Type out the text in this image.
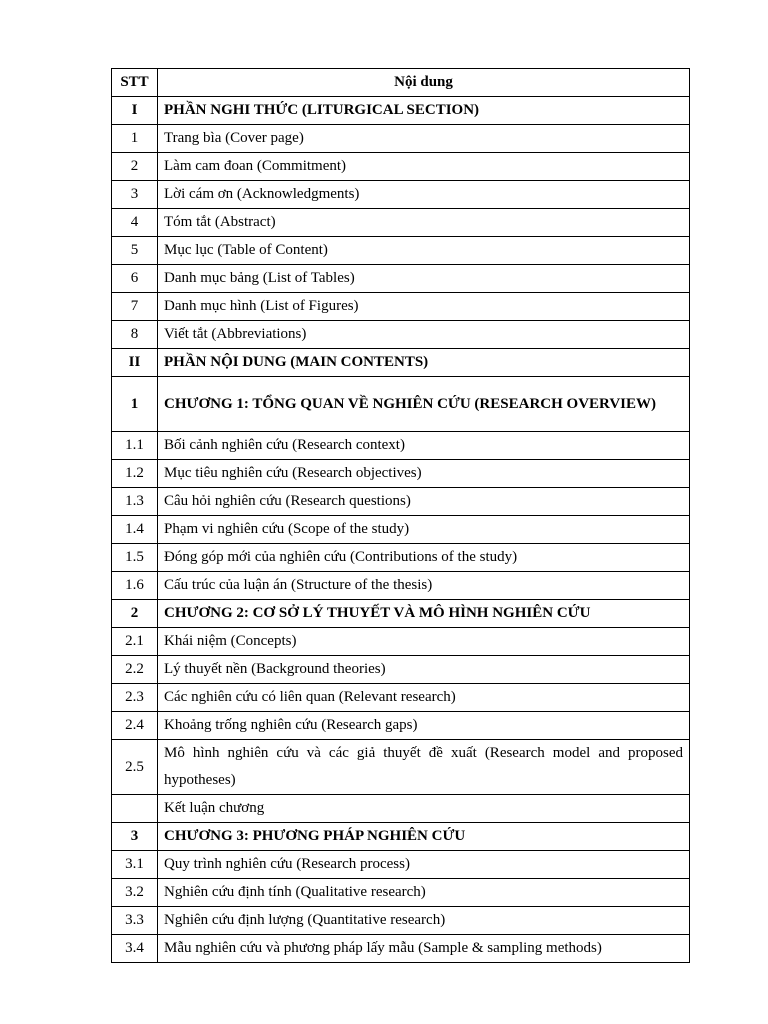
STT	Nội dung
I	PHẦN NGHI THỨC (LITURGICAL SECTION)
1	Trang bìa (Cover page)
2	Làm cam đoan (Commitment)
3	Lời cám ơn (Acknowledgments)
4	Tóm tắt (Abstract)
5	Mục lục (Table of Content)
6	Danh mục bảng (List of Tables)
7	Danh mục hình (List of Figures)
8	Viết tắt (Abbreviations)
II	PHẦN NỘI DUNG (MAIN CONTENTS)
1	CHƯƠNG 1: TỔNG QUAN VỀ NGHIÊN CỨU (RESEARCH OVERVIEW)
1.1	Bối cảnh nghiên cứu (Research context)
1.2	Mục tiêu nghiên cứu (Research objectives)
1.3	Câu hỏi nghiên cứu (Research questions)
1.4	Phạm vi nghiên cứu (Scope of the study)
1.5	Đóng góp mới của nghiên cứu (Contributions of the study)
1.6	Cấu trúc của luận án (Structure of the thesis)
2	CHƯƠNG 2: CƠ SỞ LÝ THUYẾT VÀ MÔ HÌNH NGHIÊN CỨU
2.1	Khái niệm (Concepts)
2.2	Lý thuyết nền (Background theories)
2.3	Các nghiên cứu có liên quan (Relevant research)
2.4	Khoảng trống nghiên cứu (Research gaps)
2.5	Mô hình nghiên cứu và các giả thuyết đề xuất (Research model and proposed hypotheses)
	Kết luận chương
3	CHƯƠNG 3: PHƯƠNG PHÁP NGHIÊN CỨU
3.1	Quy trình nghiên cứu (Research process)
3.2	Nghiên cứu định tính (Qualitative research)
3.3	Nghiên cứu định lượng (Quantitative research)
3.4	Mẫu nghiên cứu và phương pháp lấy mẫu (Sample & sampling methods)
